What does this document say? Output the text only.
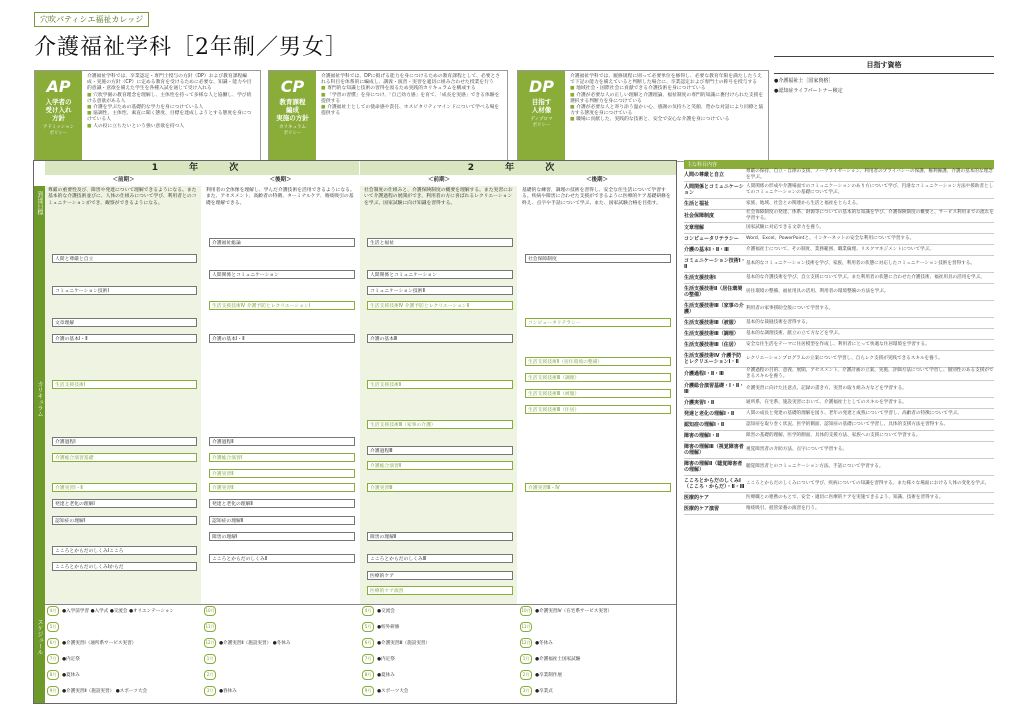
穴吹パティシエ福祉カレッジ
介護福祉学科［2年制／男女］
AP
入学者の
受け入れ
方針
アドミッション
ポリシー
介護福祉学科では、卒業認定・専門士授与の方針（DP）および教育課程編成・実施の方針（CP）に定める教育を受けるために必要な、知識・能力や目的意識・意欲を備えた学生を各種入試を通じて受け入れる
■ 穴吹学園の教育理念を理解し、主体性を持って多様な人と協働し、学び続ける意欲がある人
■ 介護を学ぶための基礎的な学力を身につけている人
■ 協調性、主体性、素直に聞く態度、目標を達成しようとする態度を身につけている人
■ 人の役に立ちたいという強い意欲を持つ人
CP
教育課程
編成
実施の方針
カリキュラム
ポリシー
介護福祉学科では、DPに掲げる能力を身につけるための教育課程として、必要とされる科目を体系的に編成し、講義・演習・実習を適切に組み合わせた授業を行う
■ 専門的な知識と技術の習得を図るため実践的カリキュラムを構成する
■ 「学習の習慣」を身につけ、「自己効力感」を育て、「成長を実感」できる体験を提供する
■ 介護福祉士としての使命感や責任、ホスピタリティマインドについて学べる場を提供する
DP
目指す
人材像
ディプロマ
ポリシー
介護福祉学科では、履修規程に則って必要単位を修得し、必要な教育年限を満たしたうえで下記の能力を備えていると判断した場合に、卒業認定および専門士の称号を授与する
■ 地域社会・国際社会に貢献できる介護技術を身につけている
■ 介護が必要な人の正しい理解と介護理論、福祉制度の専門的知識に裏付けられた支援を選択する判断力を身につけている
■ 介護が必要な人と寄り添う温かい心、感謝の気持ちと笑顔、豊かな対話により同僚と協力する態度を身につけている
■ 職場に貢献した、実践的な技術と、安全で安心な介護を身につけている
目指す資格
●介護福祉士［国家資格］
●認知症ライフパートナー検定
1 年 次	2 年 次
＜前期＞	＜後期＞	＜前期＞	＜後期＞
到達目標
カリキュラム
スケジュール
尊厳の重要性及び、障害や発達について理解できるようになる。また基本的な介護技術並びに、人体の仕組みについて学び、利用者とのコミュニケーションができ、観察ができるようになる。
利用者の全体像を理解し、学んだ介護技術を活用できるようになる。また、アセスメント、高齢者の特徴、ターミナルケア、喀痰吸引の基礎を理解できる。
社会制度の仕組みと、介護保険制度の概要を理解する。また実習において介護過程の展開ができ、利用者の方に喜ばれるレクリエーションを学ぶ。国家試験に向け知識を習得する。
基礎的な練習、調理の技術を習得し、安全な住生活について学習する。疾病や障害に合わせた支援ができるように医療的ケア基礎研修を終え、点字や手話について学ぶ。また、国家試験合格を目指す。
人間と尊厳と自立
コミュニケーション技術Ⅰ
文章理解
介護の基本Ⅰ・Ⅱ
生活支援技術Ⅰ
介護過程Ⅰ
介護総合演習基礎
介護実習Ⅰ・Ⅱ
発達と老化の理解Ⅰ
認知症の理解Ⅰ
こころとからだのしくみⅠこころ
こころとからだのしくみⅠからだ
介護福祉総論
人間関係とコミュニケーション
生活支援技術Ⅳ 介護予防とレクリエーションⅠ
介護の基本Ⅰ・Ⅱ
介護過程Ⅱ
介護総合演習Ⅰ
介護実習Ⅱ
介護実習Ⅱ
発達と老化の理解Ⅱ
認知症の理解Ⅱ
障害の理解Ⅰ
こころとからだのしくみⅡ
生活と福祉
人間関係とコミュニケーション
コミュニケーション技術Ⅱ
生活支援技術Ⅳ 介護予防とレクリエーションⅡ
介護の基本Ⅲ
生活支援技術Ⅱ
生活支援技術Ⅲ（家事の介護）
介護過程Ⅲ
介護総合演習Ⅱ
介護実習Ⅲ
障害の理解Ⅱ
こころとからだのしくみⅢ
医療的ケア
医療的ケア演習
社会保障制度
コンピュータリテラシー
生活支援技術Ⅱ（居住環境の整備）
生活支援技術Ⅲ（調理）
生活支援技術Ⅲ（被服）
生活支援技術Ⅲ（住居）
介護実習Ⅲ・Ⅳ
4月 ●入学前学習 ●入学式 ●交流会 ●オリエンテーション
5月
6月 ●介護実習Ⅰ（通所系サービス実習）
7月 ●内定祭
8月 ●夏休み
9月 ●介護実習Ⅱ（施設実習） ●スポーツ大会
10月
11月
12月 ●介護実習Ⅱ（施設実習） ●冬休み
1月
2月
3月 ●春休み
4月 ●交流会
5月 ●校外研修
6月 ●介護実習Ⅲ（施設実習）
7月 ●内定祭
8月 ●夏休み
9月 ●スポーツ大会
10月 ●介護実習Ⅳ（在宅系サービス実習）
11月
12月 ●冬休み
1月 ●介護福祉士国家試験
2月 ●卒業制作展
3月 ●卒業式
主な科目内容
人間の尊厳と自立
尊厳の保持、自立・自律の支援、ノーマライゼーション、利用者のプライバシーの保護、権利擁護、介護の基本的な理念を学ぶ。
人間関係とコミュニケーション
人間関係の形成や介護場面でのコミュニケーションのあり方について学び、円滑なコミュニケーション方法や援助者としてのコミュニケーションの基礎について学ぶ。
生活と福祉	家族、地域、社会との関連から生活と福祉をとらえる。
社会保障制度
社会保障制度の発達、体系、財源等についての基本的な知識を学び、介護保険制度の概要と、サービス利用までの流れを学習する。
文章理解	国家試験に対応できる文章力を養う。
コンピュータリテラシー	Word、Excel、PowerPointと、インターネットの安全な利用について学習する。
介護の基本Ⅰ・Ⅱ・Ⅲ	介護福祉士について、その制度、業務範囲、職業倫理、リスクマネジメントについて学ぶ。
コミュニケーション技術Ⅰ・Ⅱ
基本的なコミュニケーション技術を学び、家族、利用者の状態に対応したコミュニケーション技術を習得する。
生活支援技術Ⅰ	基本的な介護技術を学び、自立支援について学ぶ。また利用者の状態に合わせた介護技術、福祉用具の活用を学ぶ。
生活支援技術Ⅱ（居住環境の整備）
居住環境の整備、福祉用具の活用、利用者の環境整備の方法を学ぶ。
生活支援技術Ⅲ（家事の介護）
利用者の家事援助全般について学習する。
生活支援技術Ⅲ（被服）	基本的な裁縫技術を習得する。
生活支援技術Ⅲ（調理）	基本的な調理技術、献立の立て方などを学ぶ。
生活支援技術Ⅲ（住居）	安全な住生活をテーマに住居模型を作成し、利用者にとって快適な住居環境を学習する。
生活支援技術Ⅳ 介護予防とレクリエーションⅠ・Ⅱ
レクリエーションプログラムの立案について学習し、自らレク支援が実践できるスキルを養う。
介護過程Ⅰ・Ⅱ・Ⅲ
介護過程の目的、意義、展開、アセスメント、介護計画の立案、実施、評価方法について学習し、個別性のある支援ができるスキルを養う。
介護総合演習基礎・Ⅰ・Ⅱ・Ⅲ
介護実習に向けた注意点、記録の書き方、実習の取り組み方などを学習する。
介護実習Ⅰ・Ⅱ	通所系、在宅系、施設実習において、介護福祉士としてのスキルを学習する。
発達と老化の理解Ⅰ・Ⅱ	人間の成長と発達の基礎的理解を図り、老年の発達と成熟について学習し、高齢者の特徴について学ぶ。
認知症の理解Ⅰ・Ⅱ	認知症を取り巻く状況、医学的側面、認知症の基礎について学習し、具体的支援方法を習得する。
障害の理解Ⅰ・Ⅱ	障害の基礎的理解、医学的側面、具体的支援方法、家族への支援について学習する。
障害の理解Ⅲ（視覚障害者の理解）
視覚障害者の介助方法、点字について学習する。
障害の理解Ⅱ（聴覚障害者の理解）
聴覚障害者とのコミュニケーション方法、手話について学習する。
こころとからだのしくみⅠ（こころ・からだ）・Ⅱ・Ⅲ
こころとからだのしくみについて学び、疾病についての知識を習得する。また様々な場面における人体の変化を学ぶ。
医療的ケア	医療職との連携のもとで、安全・適切に医療的ケアを実施できるよう、知識、技術を習得する。
医療的ケア演習	喀痰吸引、経管栄養の演習を行う。
